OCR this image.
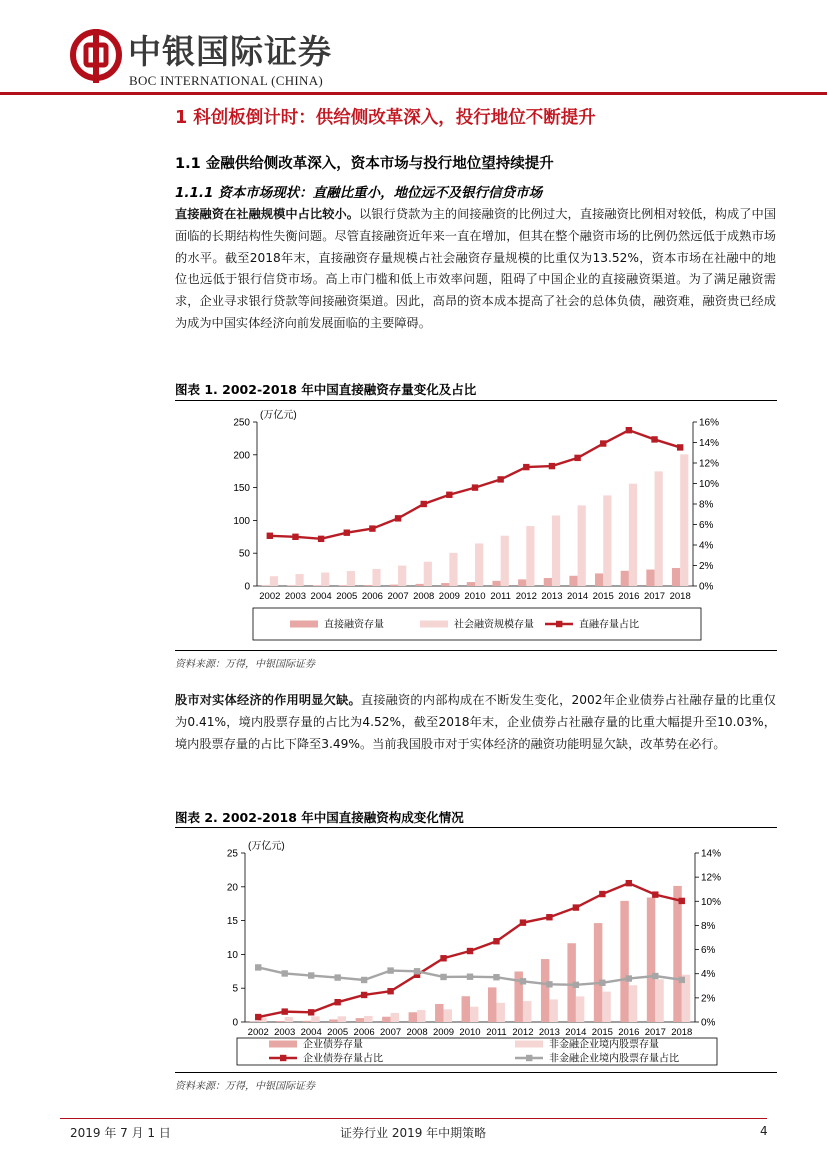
中银国际证券
BOC INTERNATIONAL (CHINA)
1 科创板倒计时：供给侧改革深入，投行地位不断提升
1.1 金融供给侧改革深入，资本市场与投行地位望持续提升
1.1.1 资本市场现状：直融比重小，地位远不及银行信贷市场
直接融资在社融规模中占比较小。以银行贷款为主的间接融资的比例过大，直接融资比例相对较低，构成了中国面临的长期结构性失衡问题。尽管直接融资近年来一直在增加，但其在整个融资市场的比例仍然远低于成熟市场的水平。截至2018年末，直接融资存量规模占社会融资存量规模的比重仅为13.52%，资本市场在社融中的地位也远低于银行信贷市场。高上市门槛和低上市效率问题，阻碍了中国企业的直接融资渠道。为了满足融资需求，企业寻求银行贷款等间接融资渠道。因此，高昂的资本成本提高了社会的总体负债，融资难，融资贵已经成为成为中国实体经济向前发展面临的主要障碍。
图表 1. 2002-2018 年中国直接融资存量变化及占比
0
50
100
150
200
250
0%
2%
4%
6%
8%
10%
12%
14%
16%
(万亿元)
2002 2003 2004 2005 2006 2007 2008 2009 2010 2011 2012 2013 2014 2015 2016 2017 2018
直接融资存量	社会融资规模存量	直融存量占比
资料来源：万得，中银国际证券
股市对实体经济的作用明显欠缺。直接融资的内部构成在不断发生变化，2002年企业债券占社融存量的比重仅为0.41%，境内股票存量的占比为4.52%，截至2018年末，企业债券占社融存量的比重大幅提升至10.03%，境内股票存量的占比下降至3.49%。当前我国股市对于实体经济的融资功能明显欠缺，改革势在必行。
图表 2. 2002-2018 年中国直接融资构成变化情况
0
5
10
15
20
25
0%
2%
4%
6%
8%
10%
12%
14%
(万亿元)
2002 2003 2004 2005 2006 2007 2008 2009 2010 2011 2012 2013 2014 2015 2016 2017 2018
企业债券存量	非金融企业境内股票存量
企业债券存量占比	非金融企业境内股票存量占比
资料来源：万得，中银国际证券
2019 年 7 月 1 日	证券行业 2019 年中期策略	4
